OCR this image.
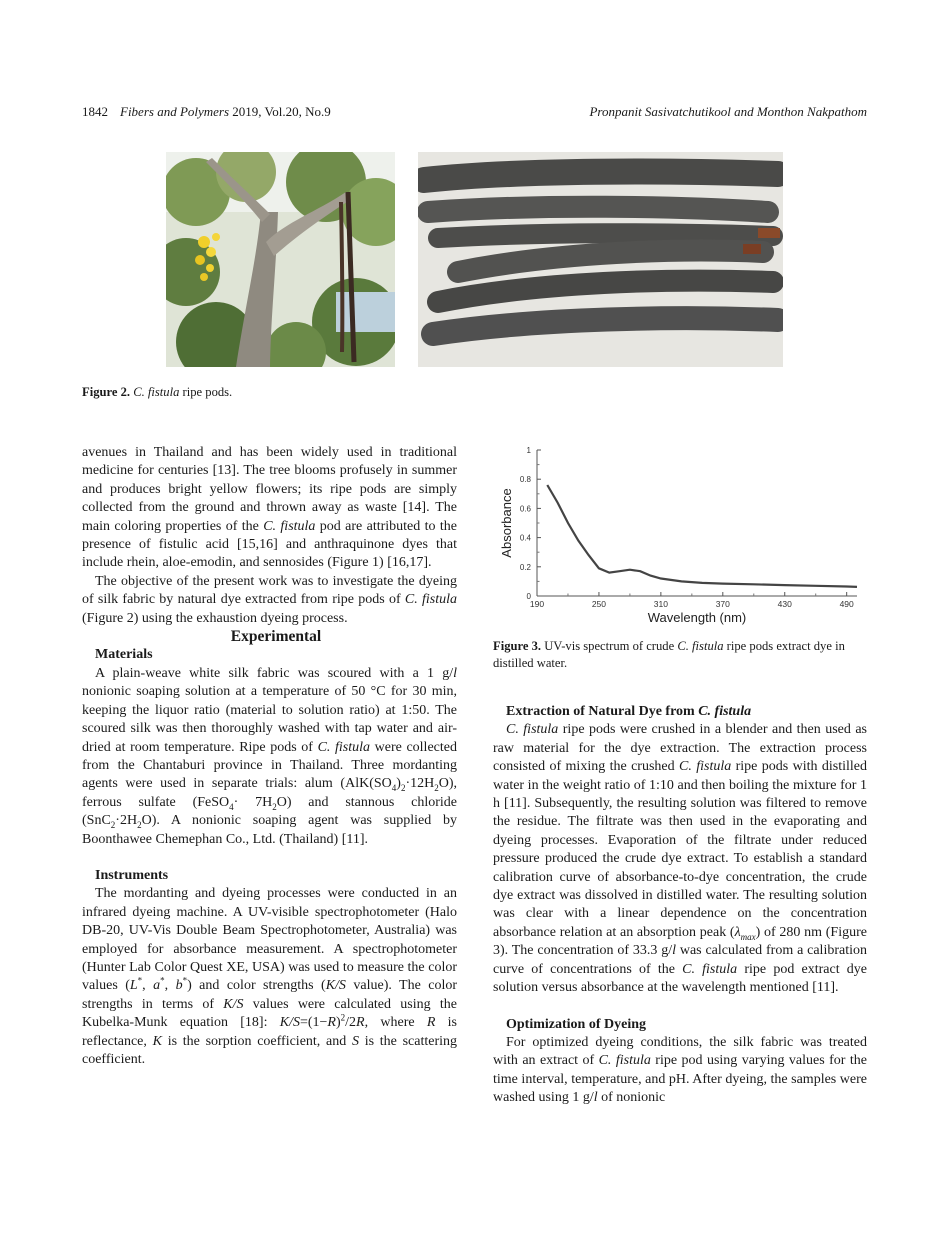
1842 Fibers and Polymers 2019, Vol.20, No.9	Pronpanit Sasivatchutikool and Monthon Nakpathom
Figure 2. C. fistula ripe pods.
0
0.2
0.4
0.6
0.8
1
190	250	310	370	430	490
Wavelength (nm)
Absorbance
Figure 3. UV-vis spectrum of crude C. fistula ripe pods extract dye in distilled water.

avenues in Thailand and has been widely used in traditional medicine for centuries [13]. The tree blooms profusely in summer and produces bright yellow flowers; its ripe pods are simply collected from the ground and thrown away as waste [14]. The main coloring properties of the C. fistula pod are attributed to the presence of fistulic acid [15,16] and anthraquinone dyes that include rhein, aloe-emodin, and sennosides (Figure 1) [16,17].

The objective of the present work was to investigate the dyeing of silk fabric by natural dye extracted from ripe pods of C. fistula (Figure 2) using the exhaustion dyeing process.

Experimental

Materials

A plain-weave white silk fabric was scoured with a 1 g/l nonionic soaping solution at a temperature of 50 °C for 30 min, keeping the liquor ratio (material to solution ratio) at 1:50. The scoured silk was then thoroughly washed with tap water and air-dried at room temperature. Ripe pods of C. fistula were collected from the Chantaburi province in Thailand. Three mordanting agents were used in separate trials: alum $(AlK(SO_4)_2\cdot 12H_2O)$, ferrous sulfate (FeSO$_4$· $7H_2O$) and stannous chloride $(SnC_2\cdot 2H_2O)$. A nonionic soaping agent was supplied by Boonthawee Chemephan Co., Ltd. (Thailand) [11].

Instruments

The mordanting and dyeing processes were conducted in an infrared dyeing machine. A UV-visible spectrophotometer (Halo DB-20, UV-Vis Double Beam Spectrophotometer, Australia) was employed for absorbance measurement. A spectrophotometer (Hunter Lab Color Quest XE, USA) was used to measure the color values (L*, a*, b*) and color strengths (K/S value). The color strengths in terms of K/S values were calculated using the Kubelka-Munk equation [18]: $K/S=(1-R)^2/2R$, where R is reflectance, K is the sorption coefficient, and S is the scattering coefficient.

Extraction of Natural Dye from C. fistula

C. fistula ripe pods were crushed in a blender and then used as raw material for the dye extraction. The extraction process consisted of mixing the crushed C. fistula ripe pods with distilled water in the weight ratio of 1:10 and then boiling the mixture for 1 h [11]. Subsequently, the resulting solution was filtered to remove the residue. The filtrate was then used in the evaporating and dyeing processes. Evaporation of the filtrate under reduced pressure produced the crude dye extract. To establish a standard calibration curve of absorbance-to-dye concentration, the crude dye extract was dissolved in distilled water. The resulting solution was clear with a linear dependence on the concentration absorbance relation at an absorption peak $(\lambda_{max})$ of 280 nm (Figure 3). The concentration of 33.3 g/l was calculated from a calibration curve of concentrations of the C. fistula ripe pod extract dye solution versus absorbance at the wavelength mentioned [11].

Optimization of Dyeing

For optimized dyeing conditions, the silk fabric was treated with an extract of C. fistula ripe pod using varying values for the time interval, temperature, and pH. After dyeing, the samples were washed using 1 g/l of nonionic
